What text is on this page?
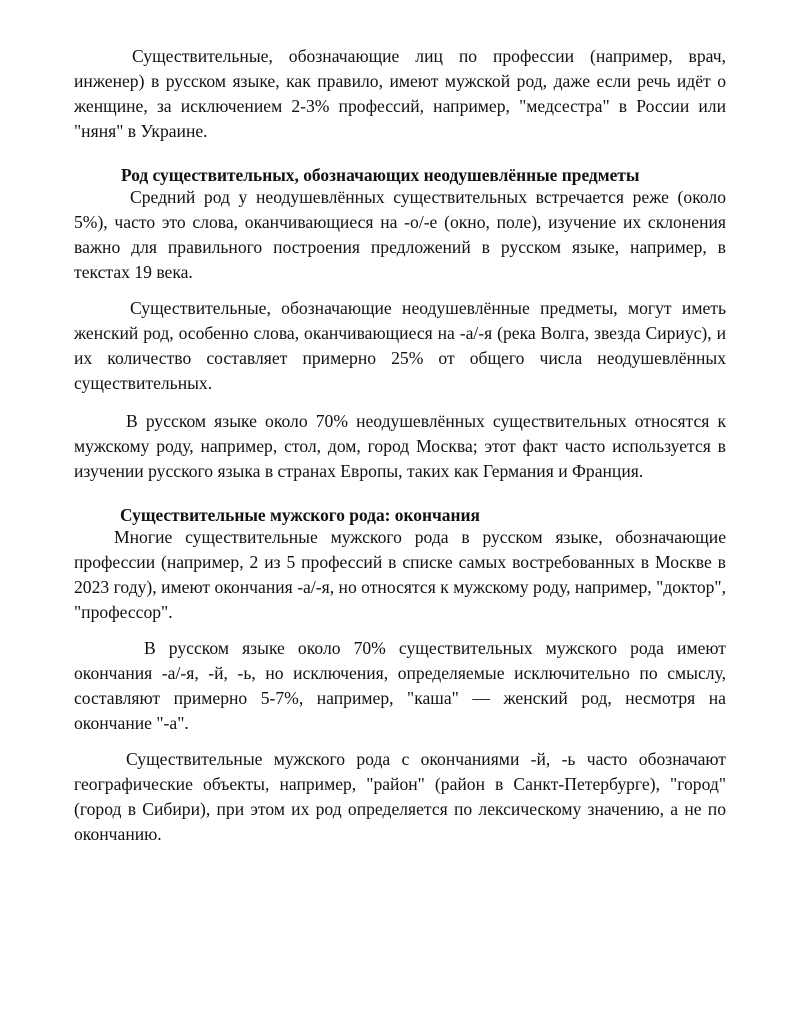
Существительные, обозначающие лиц по профессии (например, врач, инженер) в русском языке, как правило, имеют мужской род, даже если речь идёт о женщине, за исключением 2-3% профессий, например, "медсестра" в России или "няня" в Украине.

Род существительных, обозначающих неодушевлённые предметы

Средний род у неодушевлённых существительных встречается реже (около 5%), часто это слова, оканчивающиеся на -о/-е (окно, поле), изучение их склонения важно для правильного построения предложений в русском языке, например, в текстах 19 века.

Существительные, обозначающие неодушевлённые предметы, могут иметь женский род, особенно слова, оканчивающиеся на -а/-я (река Волга, звезда Сириус), и их количество составляет примерно 25% от общего числа неодушевлённых существительных.

В русском языке около 70% неодушевлённых существительных относятся к мужскому роду, например, стол, дом, город Москва; этот факт часто используется в изучении русского языка в странах Европы, таких как Германия и Франция.

Существительные мужского рода: окончания

Многие существительные мужского рода в русском языке, обозначающие профессии (например, 2 из 5 профессий в списке самых востребованных в Москве в 2023 году), имеют окончания -а/-я, но относятся к мужскому роду, например, "доктор", "профессор".

В русском языке около 70% существительных мужского рода имеют окончания -а/-я, -й, -ь, но исключения, определяемые исключительно по смыслу, составляют примерно 5-7%, например, "каша" — женский род, несмотря на окончание "-а".

Существительные мужского рода с окончаниями -й, -ь часто обозначают географические объекты, например, "район" (район в Санкт-Петербурге), "город" (город в Сибири), при этом их род определяется по лексическому значению, а не по окончанию.
